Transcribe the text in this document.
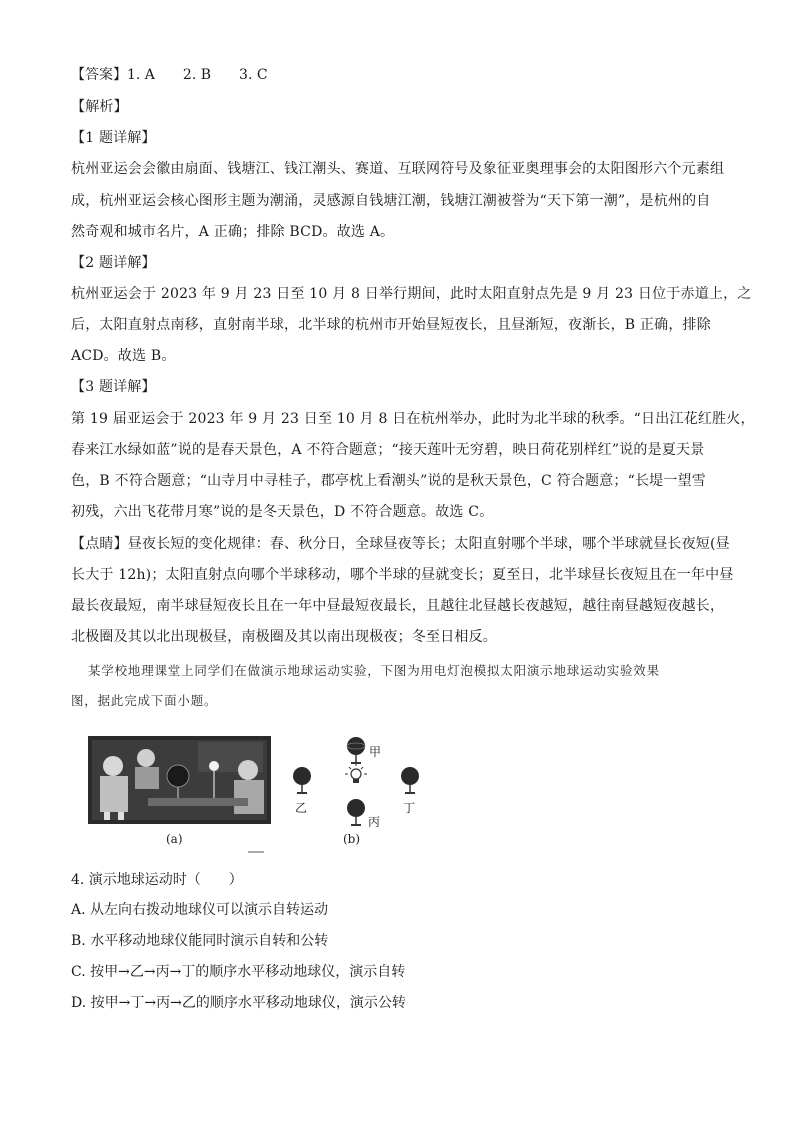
【答案】1. A 2. B 3. C
【解析】
【1 题详解】
杭州亚运会会徽由扇面、钱塘江、钱江潮头、赛道、互联网符号及象征亚奥理事会的太阳图形六个元素组
成，杭州亚运会核心图形主题为潮涌，灵感源自钱塘江潮，钱塘江潮被誉为“天下第一潮”，是杭州的自
然奇观和城市名片，A 正确；排除 BCD。故选 A。
【2 题详解】
杭州亚运会于 2023 年 9 月 23 日至 10 月 8 日举行期间，此时太阳直射点先是 9 月 23 日位于赤道上，之
后，太阳直射点南移，直射南半球，北半球的杭州市开始昼短夜长，且昼渐短，夜渐长，B 正确，排除
ACD。故选 B。
【3 题详解】
第 19 届亚运会于 2023 年 9 月 23 日至 10 月 8 日在杭州举办，此时为北半球的秋季。“日出江花红胜火，
春来江水绿如蓝”说的是春天景色，A 不符合题意；“接天莲叶无穷碧，映日荷花别样红”说的是夏天景
色，B 不符合题意；“山寺月中寻桂子，郡亭枕上看潮头”说的是秋天景色，C 符合题意；“长堤一望雪
初残，六出飞花带月寒”说的是冬天景色，D 不符合题意。故选 C。
【点睛】昼夜长短的变化规律：春、秋分日，全球昼夜等长；太阳直射哪个半球，哪个半球就昼长夜短(昼
长大于 12h)；太阳直射点向哪个半球移动，哪个半球的昼就变长；夏至日，北半球昼长夜短且在一年中昼
最长夜最短，南半球昼短夜长且在一年中昼最短夜最长，且越往北昼越长夜越短，越往南昼越短夜越长，
北极圈及其以北出现极昼，南极圈及其以南出现极夜；冬至日相反。
某学校地理课堂上同学们在做演示地球运动实验，下图为用电灯泡模拟太阳演示地球运动实验效果
图，据此完成下面小题。
(a)
甲
乙
丙
丁
(b)
4. 演示地球运动时（　　）
A. 从左向右拨动地球仪可以演示自转运动
B. 水平移动地球仪能同时演示自转和公转
C. 按甲→乙→丙→丁的顺序水平移动地球仪，演示自转
D. 按甲→丁→丙→乙的顺序水平移动地球仪，演示公转
